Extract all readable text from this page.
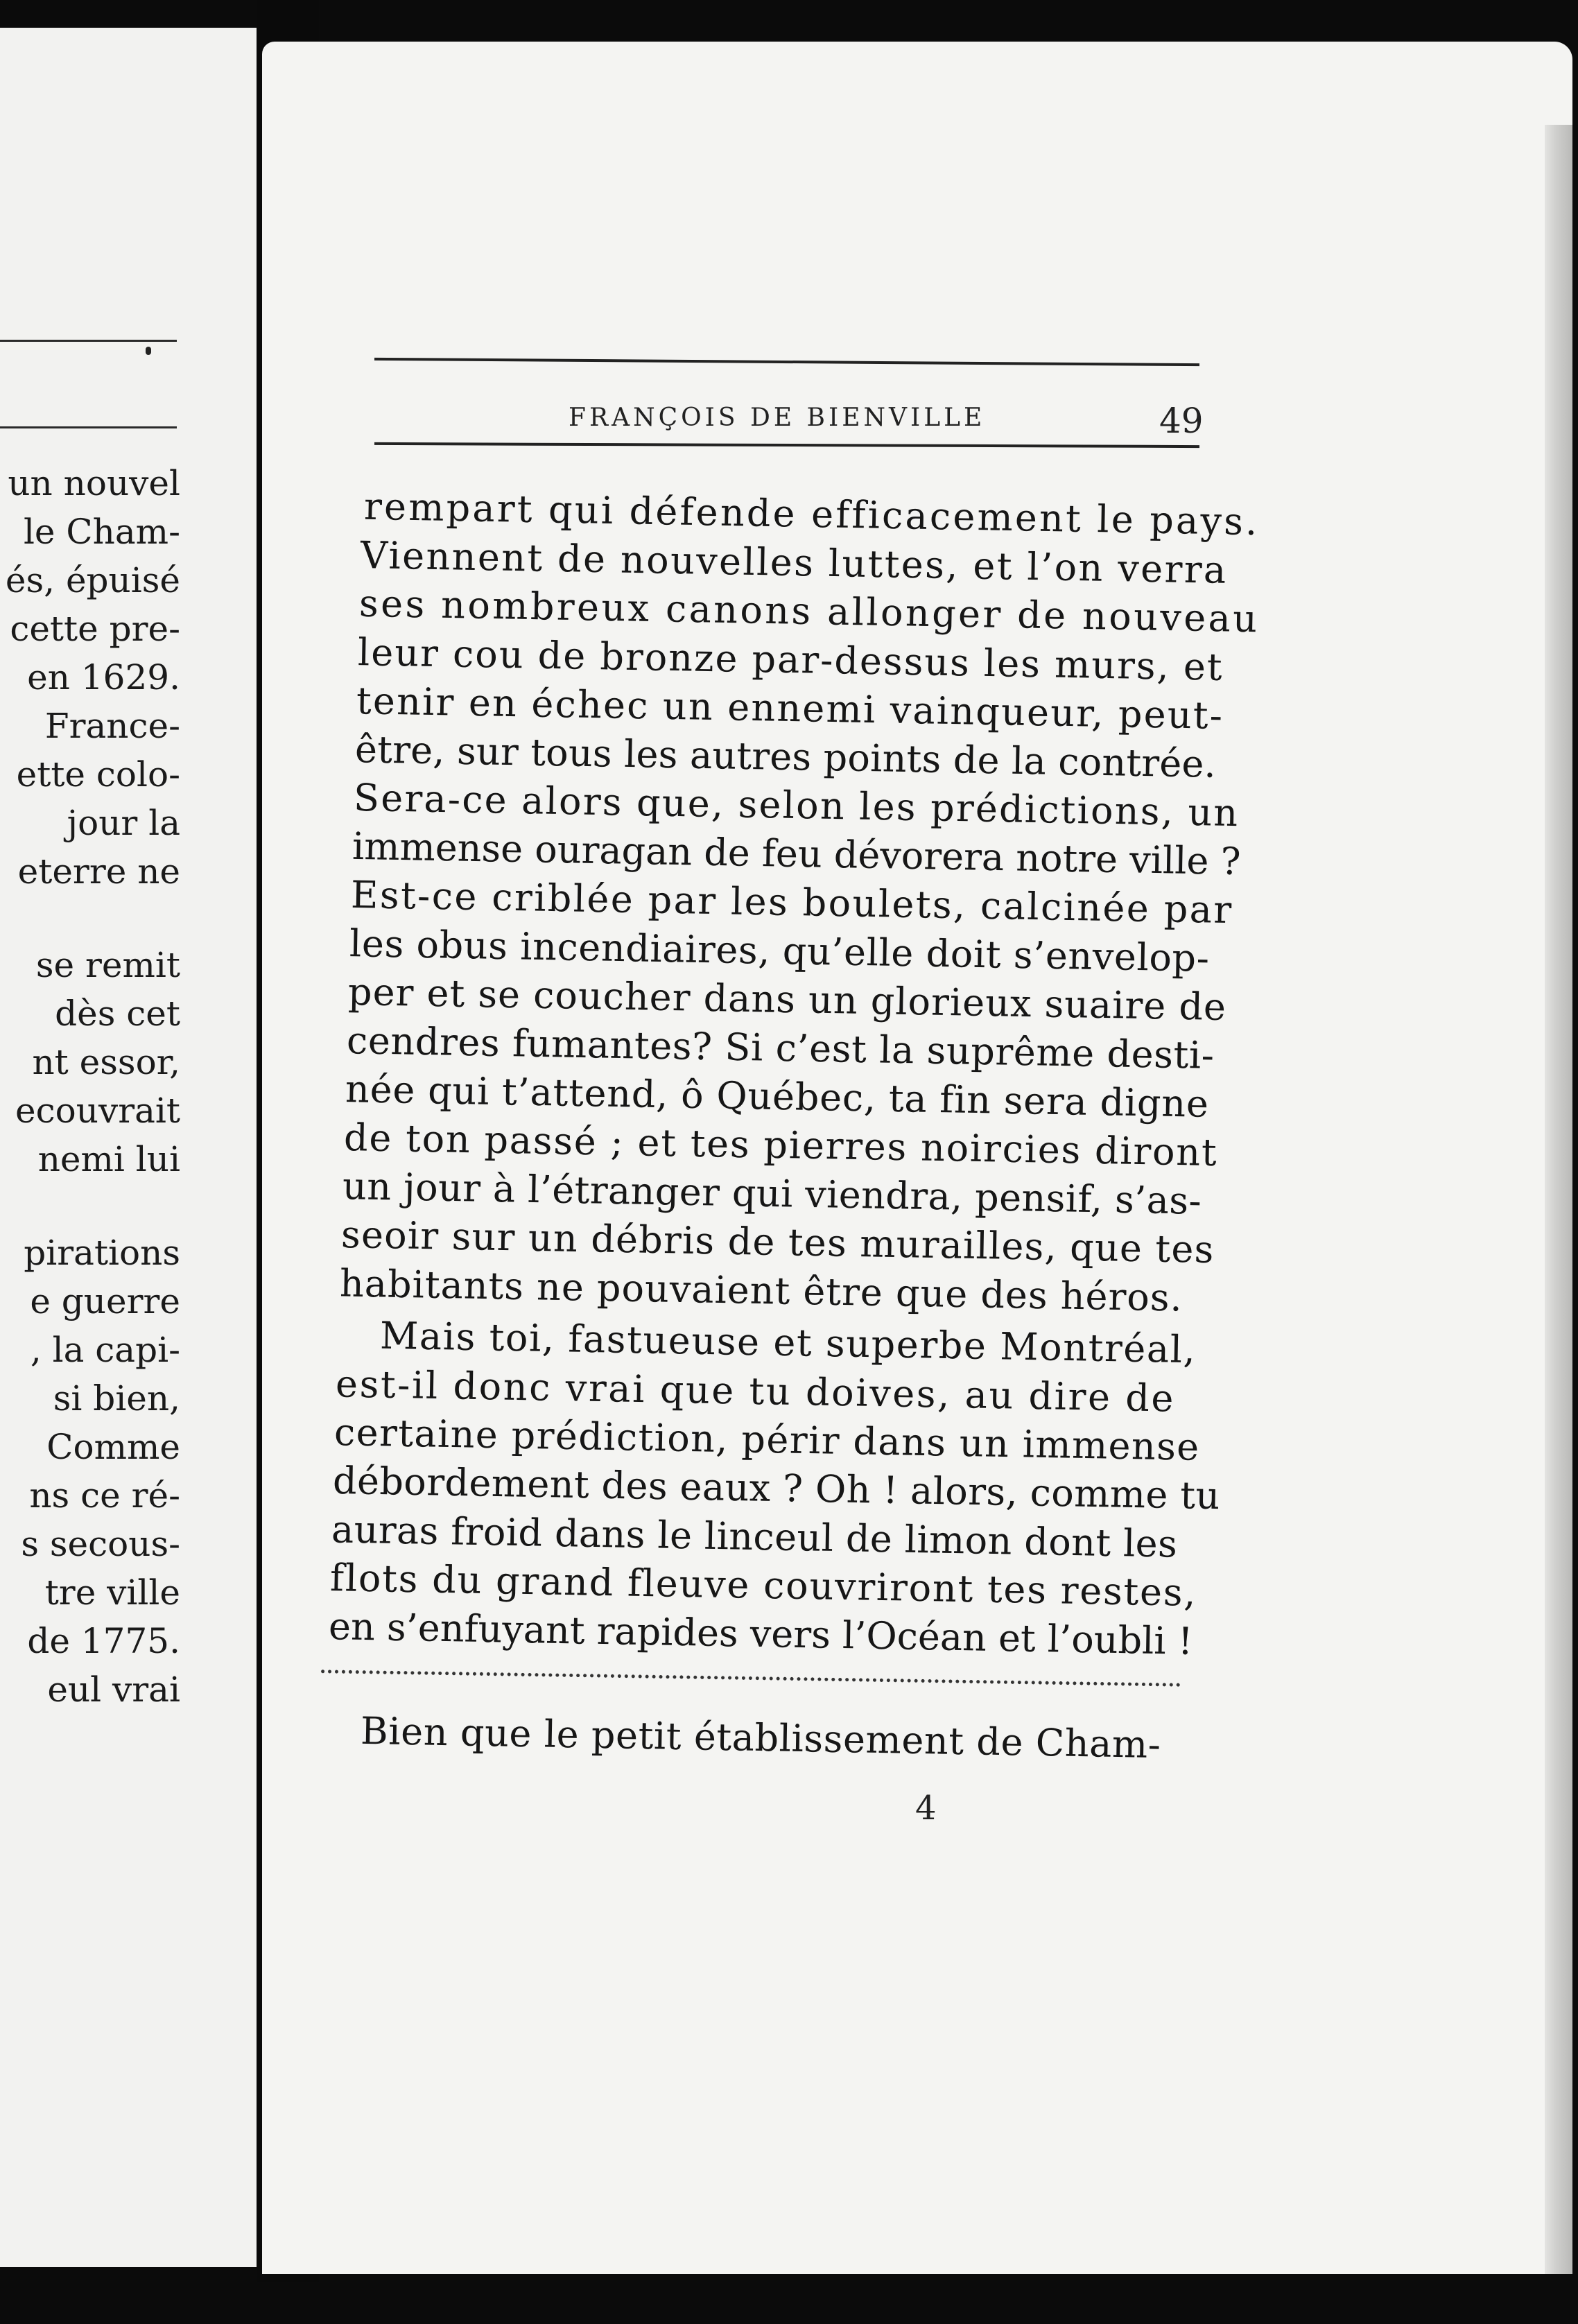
un nouvel
le Cham-
és, épuisé
cette pre-
en 1629.
France-
ette colo-
jour la
eterre ne
se remit
dès cet
nt essor,
ecouvrait
nemi lui
pirations
e guerre
, la capi-
si bien,
Comme
ns ce ré-
s secous-
tre ville
de 1775.
eul vrai
FRANÇOIS DE BIENVILLE	49
rempart qui défende efficacement le pays.
Viennent de nouvelles luttes, et l’on verra
ses nombreux canons allonger de nouveau
leur cou de bronze par-dessus les murs, et
tenir en échec un ennemi vainqueur, peut-
être, sur tous les autres points de la contrée.
Sera-ce alors que, selon les prédictions, un
immense ouragan de feu dévorera notre ville ?
Est-ce criblée par les boulets, calcinée par
les obus incendiaires, qu’elle doit s’envelop-
per et se coucher dans un glorieux suaire de
cendres fumantes? Si c’est la suprême desti-
née qui t’attend, ô Québec, ta fin sera digne
de ton passé ; et tes pierres noircies diront
un jour à l’étranger qui viendra, pensif, s’as-
seoir sur un débris de tes murailles, que tes
habitants ne pouvaient être que des héros.
Mais toi, fastueuse et superbe Montréal,
est-il donc vrai que tu doives, au dire de
certaine prédiction, périr dans un immense
débordement des eaux ? Oh ! alors, comme tu
auras froid dans le linceul de limon dont les
flots du grand fleuve couvriront tes restes,
en s’enfuyant rapides vers l’Océan et l’oubli !
Bien que le petit établissement de Cham-
4
